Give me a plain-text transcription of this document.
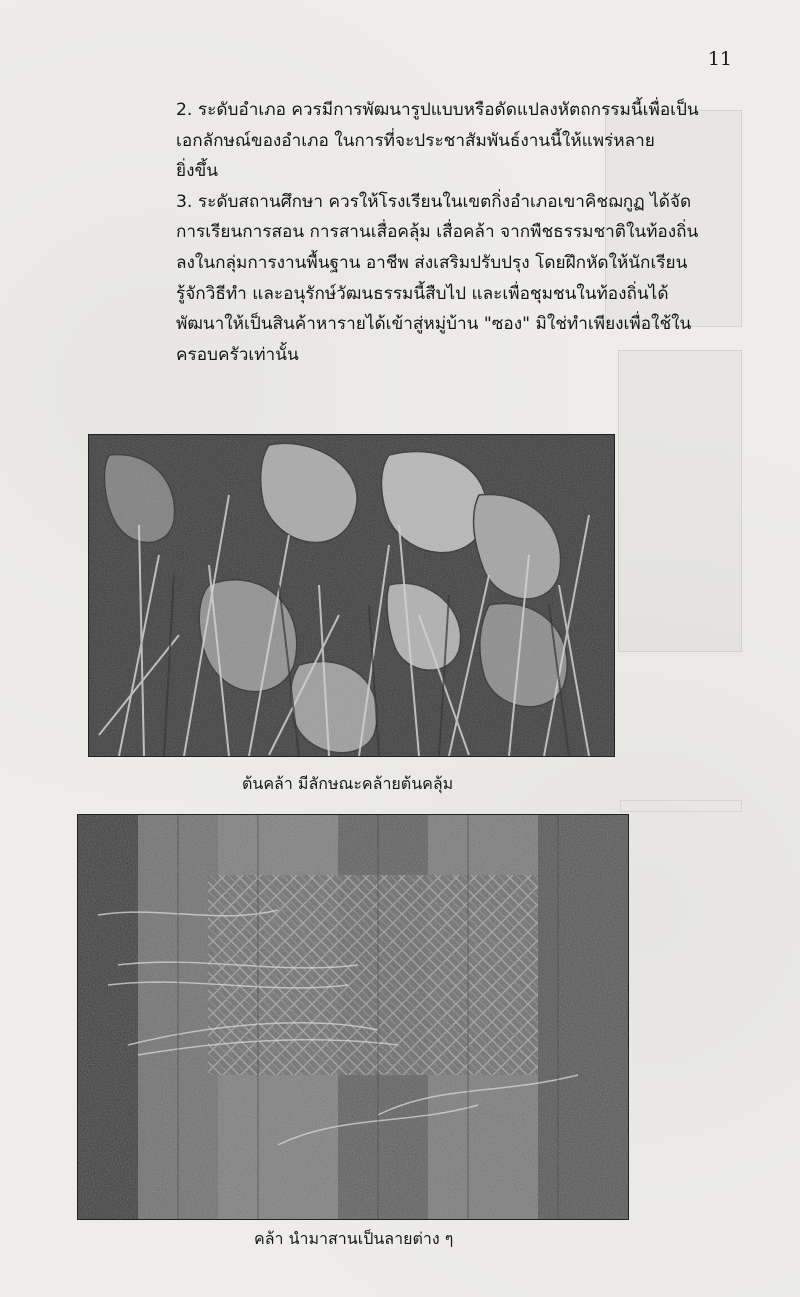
11

2. ระดับอำเภอ ควรมีการพัฒนารูปแบบหรือดัดแปลงหัตถกรรมนี้เพื่อเป็น
เอกลักษณ์ของอำเภอ ในการที่จะประชาสัมพันธ์งานนี้ให้แพร่หลาย
ยิ่งขึ้น

3. ระดับสถานศึกษา ควรให้โรงเรียนในเขตกิ่งอำเภอเขาคิชฌกูฏ ได้จัด
การเรียนการสอน การสานเสื่อคลุ้ม เสื่อคล้า จากพืชธรรมชาติในท้องถิ่น
ลงในกลุ่มการงานพื้นฐาน อาชีพ ส่งเสริมปรับปรุง โดยฝึกหัดให้นักเรียน
รู้จักวิธีทำ และอนุรักษ์วัฒนธรรมนี้สืบไป และเพื่อชุมชนในท้องถิ่นได้
พัฒนาให้เป็นสินค้าหารายได้เข้าสู่หมู่บ้าน "ซอง" มิใช่ทำเพียงเพื่อใช้ใน
ครอบครัวเท่านั้น

ต้นคล้า มีลักษณะคล้ายต้นคลุ้ม
คล้า นำมาสานเป็นลายต่าง ๆ
